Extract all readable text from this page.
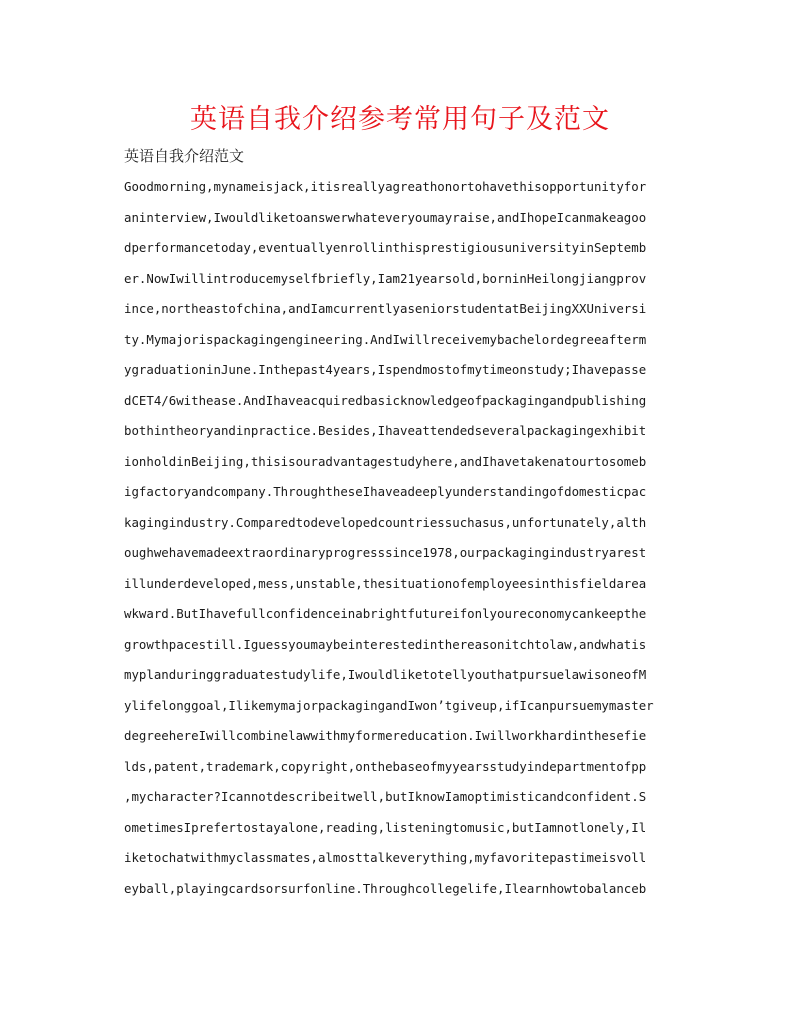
英语自我介绍参考常用句子及范文
英语自我介绍范文
Goodmorning,mynameisjack,itisreallyagreathonortohavethisopportunityfor
aninterview,Iwouldliketoanswerwhateveryoumayraise,andIhopeIcanmakeagoo
dperformancetoday,eventuallyenrollinthisprestigiousuniversityinSeptemb
er.NowIwillintroducemyselfbriefly,Iam21yearsold,borninHeilongjiangprov
ince,northeastofchina,andIamcurrentlyaseniorstudentatBeijingXXUniversi
ty.Mymajorispackagingengineering.AndIwillreceivemybachelordegreeafterm
ygraduationinJune.Inthepast4years,Ispendmostofmytimeonstudy;Ihavepasse
dCET4/6withease.AndIhaveacquiredbasicknowledgeofpackagingandpublishing
bothintheoryandinpractice.Besides,Ihaveattendedseveralpackagingexhibit
ionholdinBeijing,thisisouradvantagestudyhere,andIhavetakenatourtosomeb
igfactoryandcompany.ThroughtheseIhaveadeeplyunderstandingofdomesticpac
kagingindustry.Comparedtodevelopedcountriessuchasus,unfortunately,alth
oughwehavemadeextraordinaryprogresssince1978,ourpackagingindustryarest
illunderdeveloped,mess,unstable,thesituationofemployeesinthisfieldarea
wkward.ButIhavefullconfidenceinabrightfutureifonlyoureconomycankeepthe
growthpacestill.Iguessyoumaybeinterestedinthereasonitchtolaw,andwhatis
myplanduringgraduatestudylife,IwouldliketotellyouthatpursuelawisoneofM
ylifelonggoal,IlikemymajorpackagingandIwon’tgiveup,ifIcanpursuemymaster
degreehereIwillcombinelawwithmyformereducation.Iwillworkhardinthesefie
lds,patent,trademark,copyright,onthebaseofmyyearsstudyindepartmentofpp
,mycharacter?Icannotdescribeitwell,butIknowIamoptimisticandconfident.S
ometimesIprefertostayalone,reading,listeningtomusic,butIamnotlonely,Il
iketochatwithmyclassmates,almosttalkeverything,myfavoritepastimeisvoll
eyball,playingcardsorsurfonline.Throughcollegelife,Ilearnhowtobalanceb
